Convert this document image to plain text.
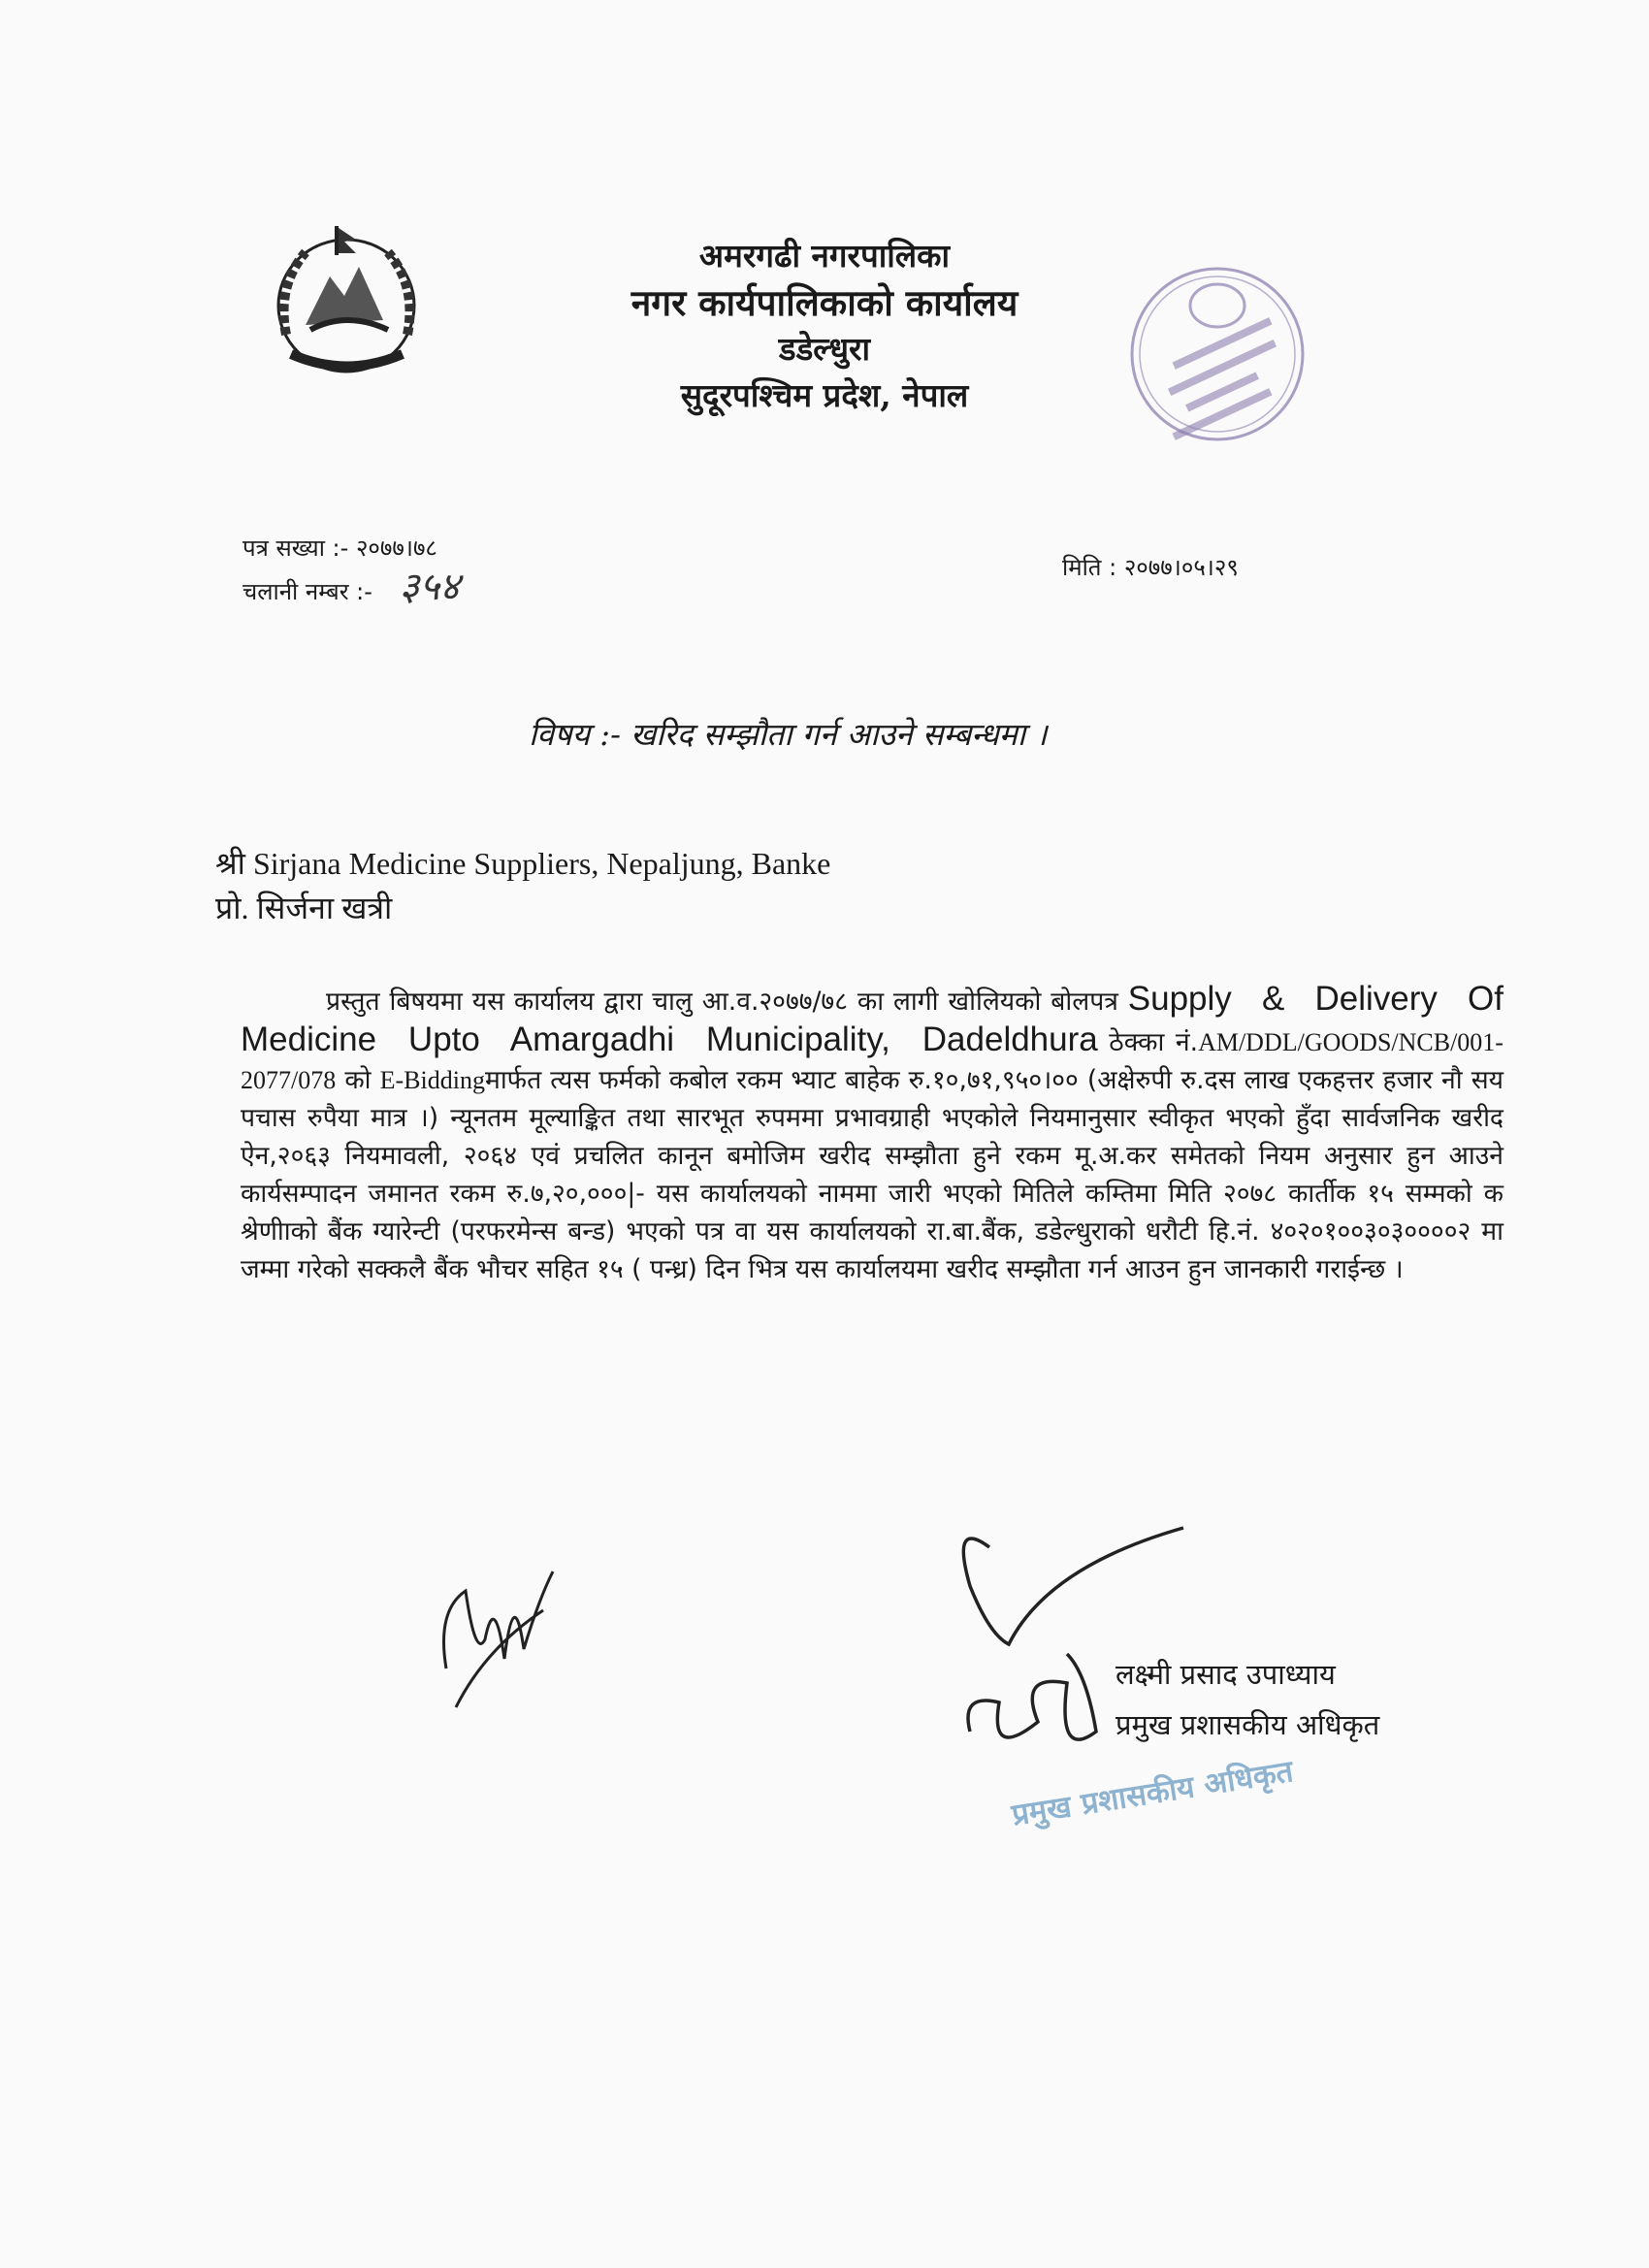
अमरगढी नगरपालिका
नगर कार्यपालिकाको कार्यालय
डडेल्धुरा
सुदूरपश्चिम प्रदेश, नेपाल
पत्र सख्या :- २०७७।७८
चलानी नम्बर :- ३५४	मिति : २०७७।०५।२९
विषय :- खरिद सम्झौता गर्न आउने सम्बन्धमा ।
श्री Sirjana Medicine Suppliers, Nepaljung, Banke
प्रो. सिर्जना खत्री
प्रस्तुत बिषयमा यस कार्यालय द्वारा चालु आ.व.२०७७/७८ का लागी खोलियको बोलपत्र Supply & Delivery Of Medicine Upto Amargadhi Municipality, Dadeldhura ठेक्का नं.AM/DDL/GOODS/NCB/001-2077/078 को E-Biddingमार्फत त्यस फर्मको कबोल रकम भ्याट बाहेक रु.१०,७१,९५०।०० (अक्षेरुपी रु.दस लाख एकहत्तर हजार नौ सय पचास रुपैया मात्र ।) न्यूनतम मूल्याङ्कित तथा सारभूत रुपममा प्रभावग्राही भएकोले नियमानुसार स्वीकृत भएको हुँदा सार्वजनिक खरीद ऐन,२०६३ नियमावली, २०६४ एवं प्रचलित कानून बमोजिम खरीद सम्झौता हुने रकम मू.अ.कर समेतको नियम अनुसार हुन आउने कार्यसम्पादन जमानत रकम रु.७,२०,०००|- यस कार्यालयको नाममा जारी भएको मितिले कम्तिमा मिति २०७८ कार्तीक १५ सम्मको क श्रेणीाको बैंक ग्यारेन्टी (परफरमेन्स बन्ड) भएको पत्र वा यस कार्यालयको रा.बा.बैंक, डडेल्धुराको धरौटी हि.नं. ४०२०१००३०३००००२ मा जम्मा गरेको सक्कलै बैंक भौचर सहित १५ ( पन्ध्र) दिन भित्र यस कार्यालयमा खरीद सम्झौता गर्न आउन हुन जानकारी गराईन्छ ।
लक्ष्मी प्रसाद उपाध्याय
प्रमुख प्रशासकीय अधिकृत
प्रमुख प्रशासकीय अधिकृत
